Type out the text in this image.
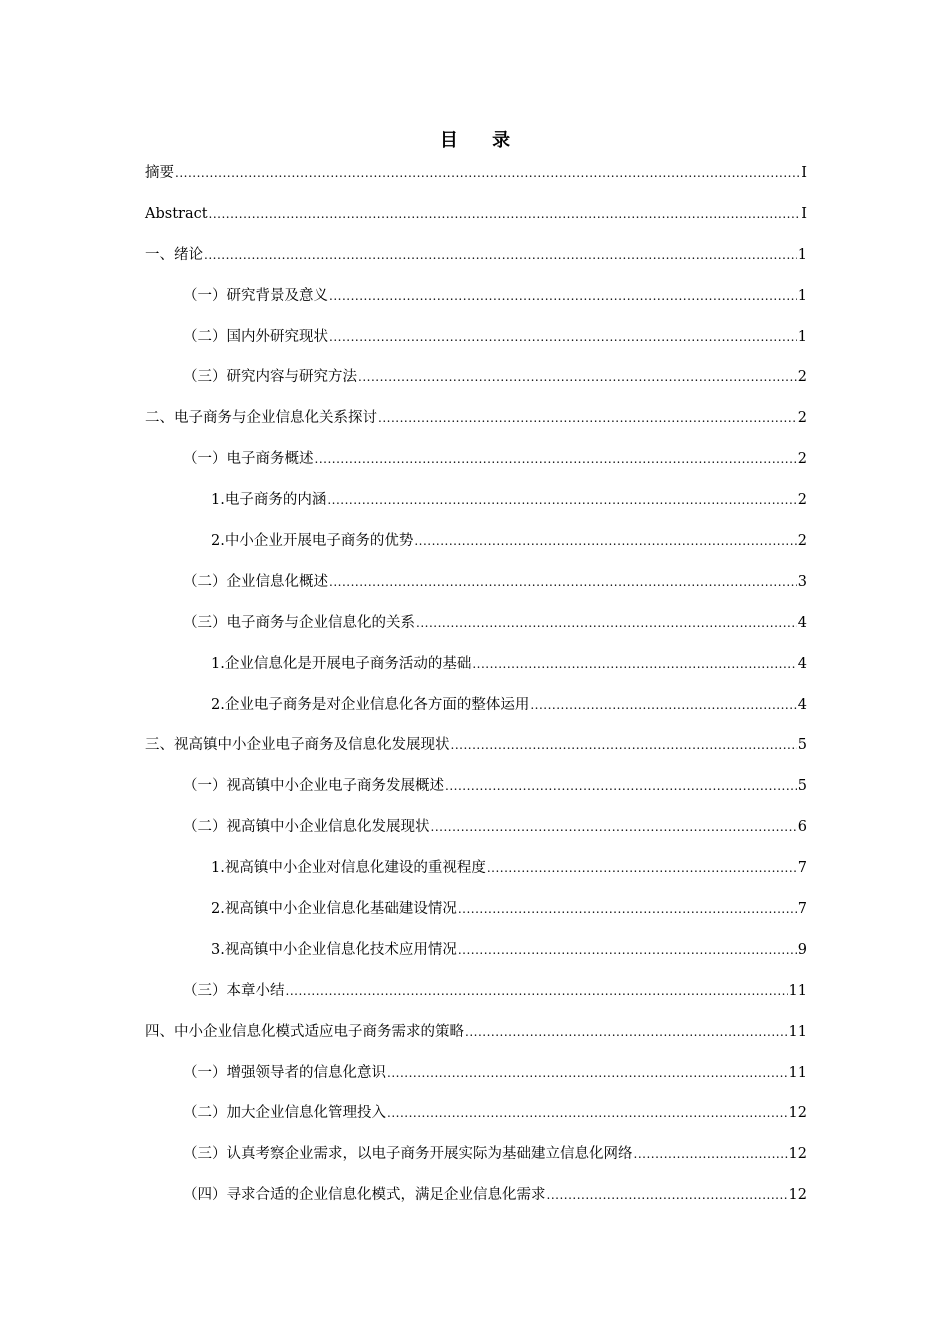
目 录
摘要 .....	I
Abstract .....	I
一、绪论 .....	1
（一）研究背景及意义 .....	1
（二）国内外研究现状 .....	1
（三）研究内容与研究方法 .....	2
二、电子商务与企业信息化关系探讨 .....	2
（一）电子商务概述 .....	2
1.电子商务的内涵 .....	2
2.中小企业开展电子商务的优势 .....	2
（二）企业信息化概述 .....	3
（三）电子商务与企业信息化的关系 .....	4
1.企业信息化是开展电子商务活动的基础 .....	4
2.企业电子商务是对企业信息化各方面的整体运用 .....	4
三、视高镇中小企业电子商务及信息化发展现状 .....	5
（一）视高镇中小企业电子商务发展概述 .....	5
（二）视高镇中小企业信息化发展现状 .....	6
1.视高镇中小企业对信息化建设的重视程度 .....	7
2.视高镇中小企业信息化基础建设情况 .....	7
3.视高镇中小企业信息化技术应用情况 .....	9
（三）本章小结 .....	11
四、中小企业信息化模式适应电子商务需求的策略 .....	11
（一）增强领导者的信息化意识 .....	11
（二）加大企业信息化管理投入 .....	12
（三）认真考察企业需求，以电子商务开展实际为基础建立信息化网络 .....	12
（四）寻求合适的企业信息化模式，满足企业信息化需求 .....	12
